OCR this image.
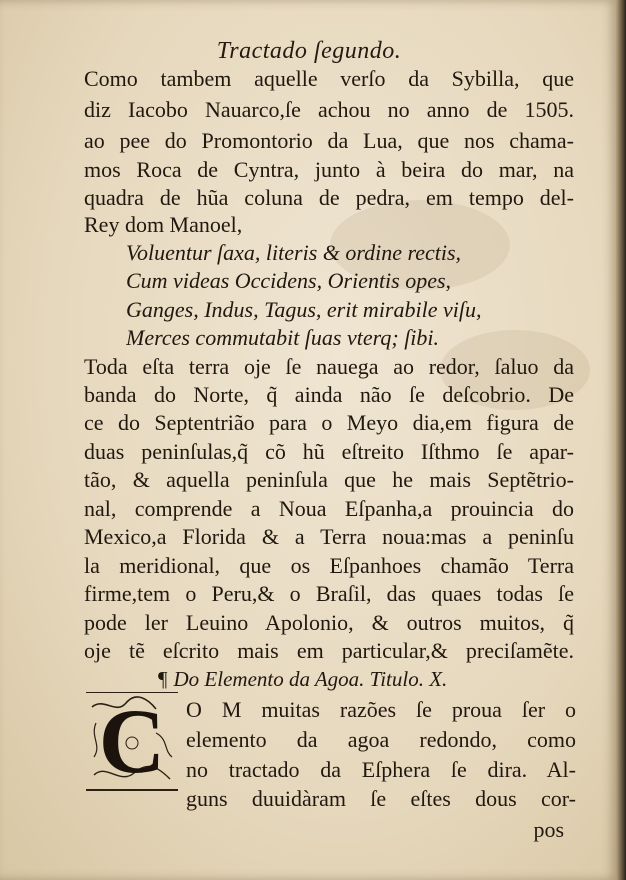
Tractado ſegundo.
Como tambem aquelle verſo da Sybilla, que
diz Iacobo Nauarco,ſe achou no anno de 1505.
ao pee do Promontorio da Lua, que nos chama-
mos Roca de Cyntra, junto à beira do mar, na
quadra de hũa coluna de pedra, em tempo del-
Rey dom Manoel,
Voluentur ſaxa, literis & ordine rectis,
Cum videas Occidens, Orientis opes,
Ganges, Indus, Tagus, erit mirabile viſu,
Merces commutabit ſuas vterq; ſibi.
Toda eſta terra oje ſe nauega ao redor, ſaluo da
banda do Norte, q̃ ainda não ſe deſcobrio. De
ce do Septentrião para o Meyo dia,em figura de
duas peninſulas,q̃ cõ hũ eſtreito Iſthmo ſe apar-
tão, & aquella peninſula que he mais Septẽtrio-
nal, comprende a Noua Eſpanha,a prouincia do
Mexico,a Florida & a Terra noua:mas a peninſu
la meridional, que os Eſpanhoes chamão Terra
firme,tem o Peru,& o Braſil, das quaes todas ſe
pode ler Leuino Apolonio, & outros muitos, q̃
oje tẽ eſcrito mais em particular,& preciſamẽte.
¶ Do Elemento da Agoa. Titulo. X.
C O M muitas razões ſe proua ſer o
elemento da agoa redondo, como
no tractado da Eſphera ſe dira. Al-
guns duuidàram ſe eſtes dous cor-
pos
